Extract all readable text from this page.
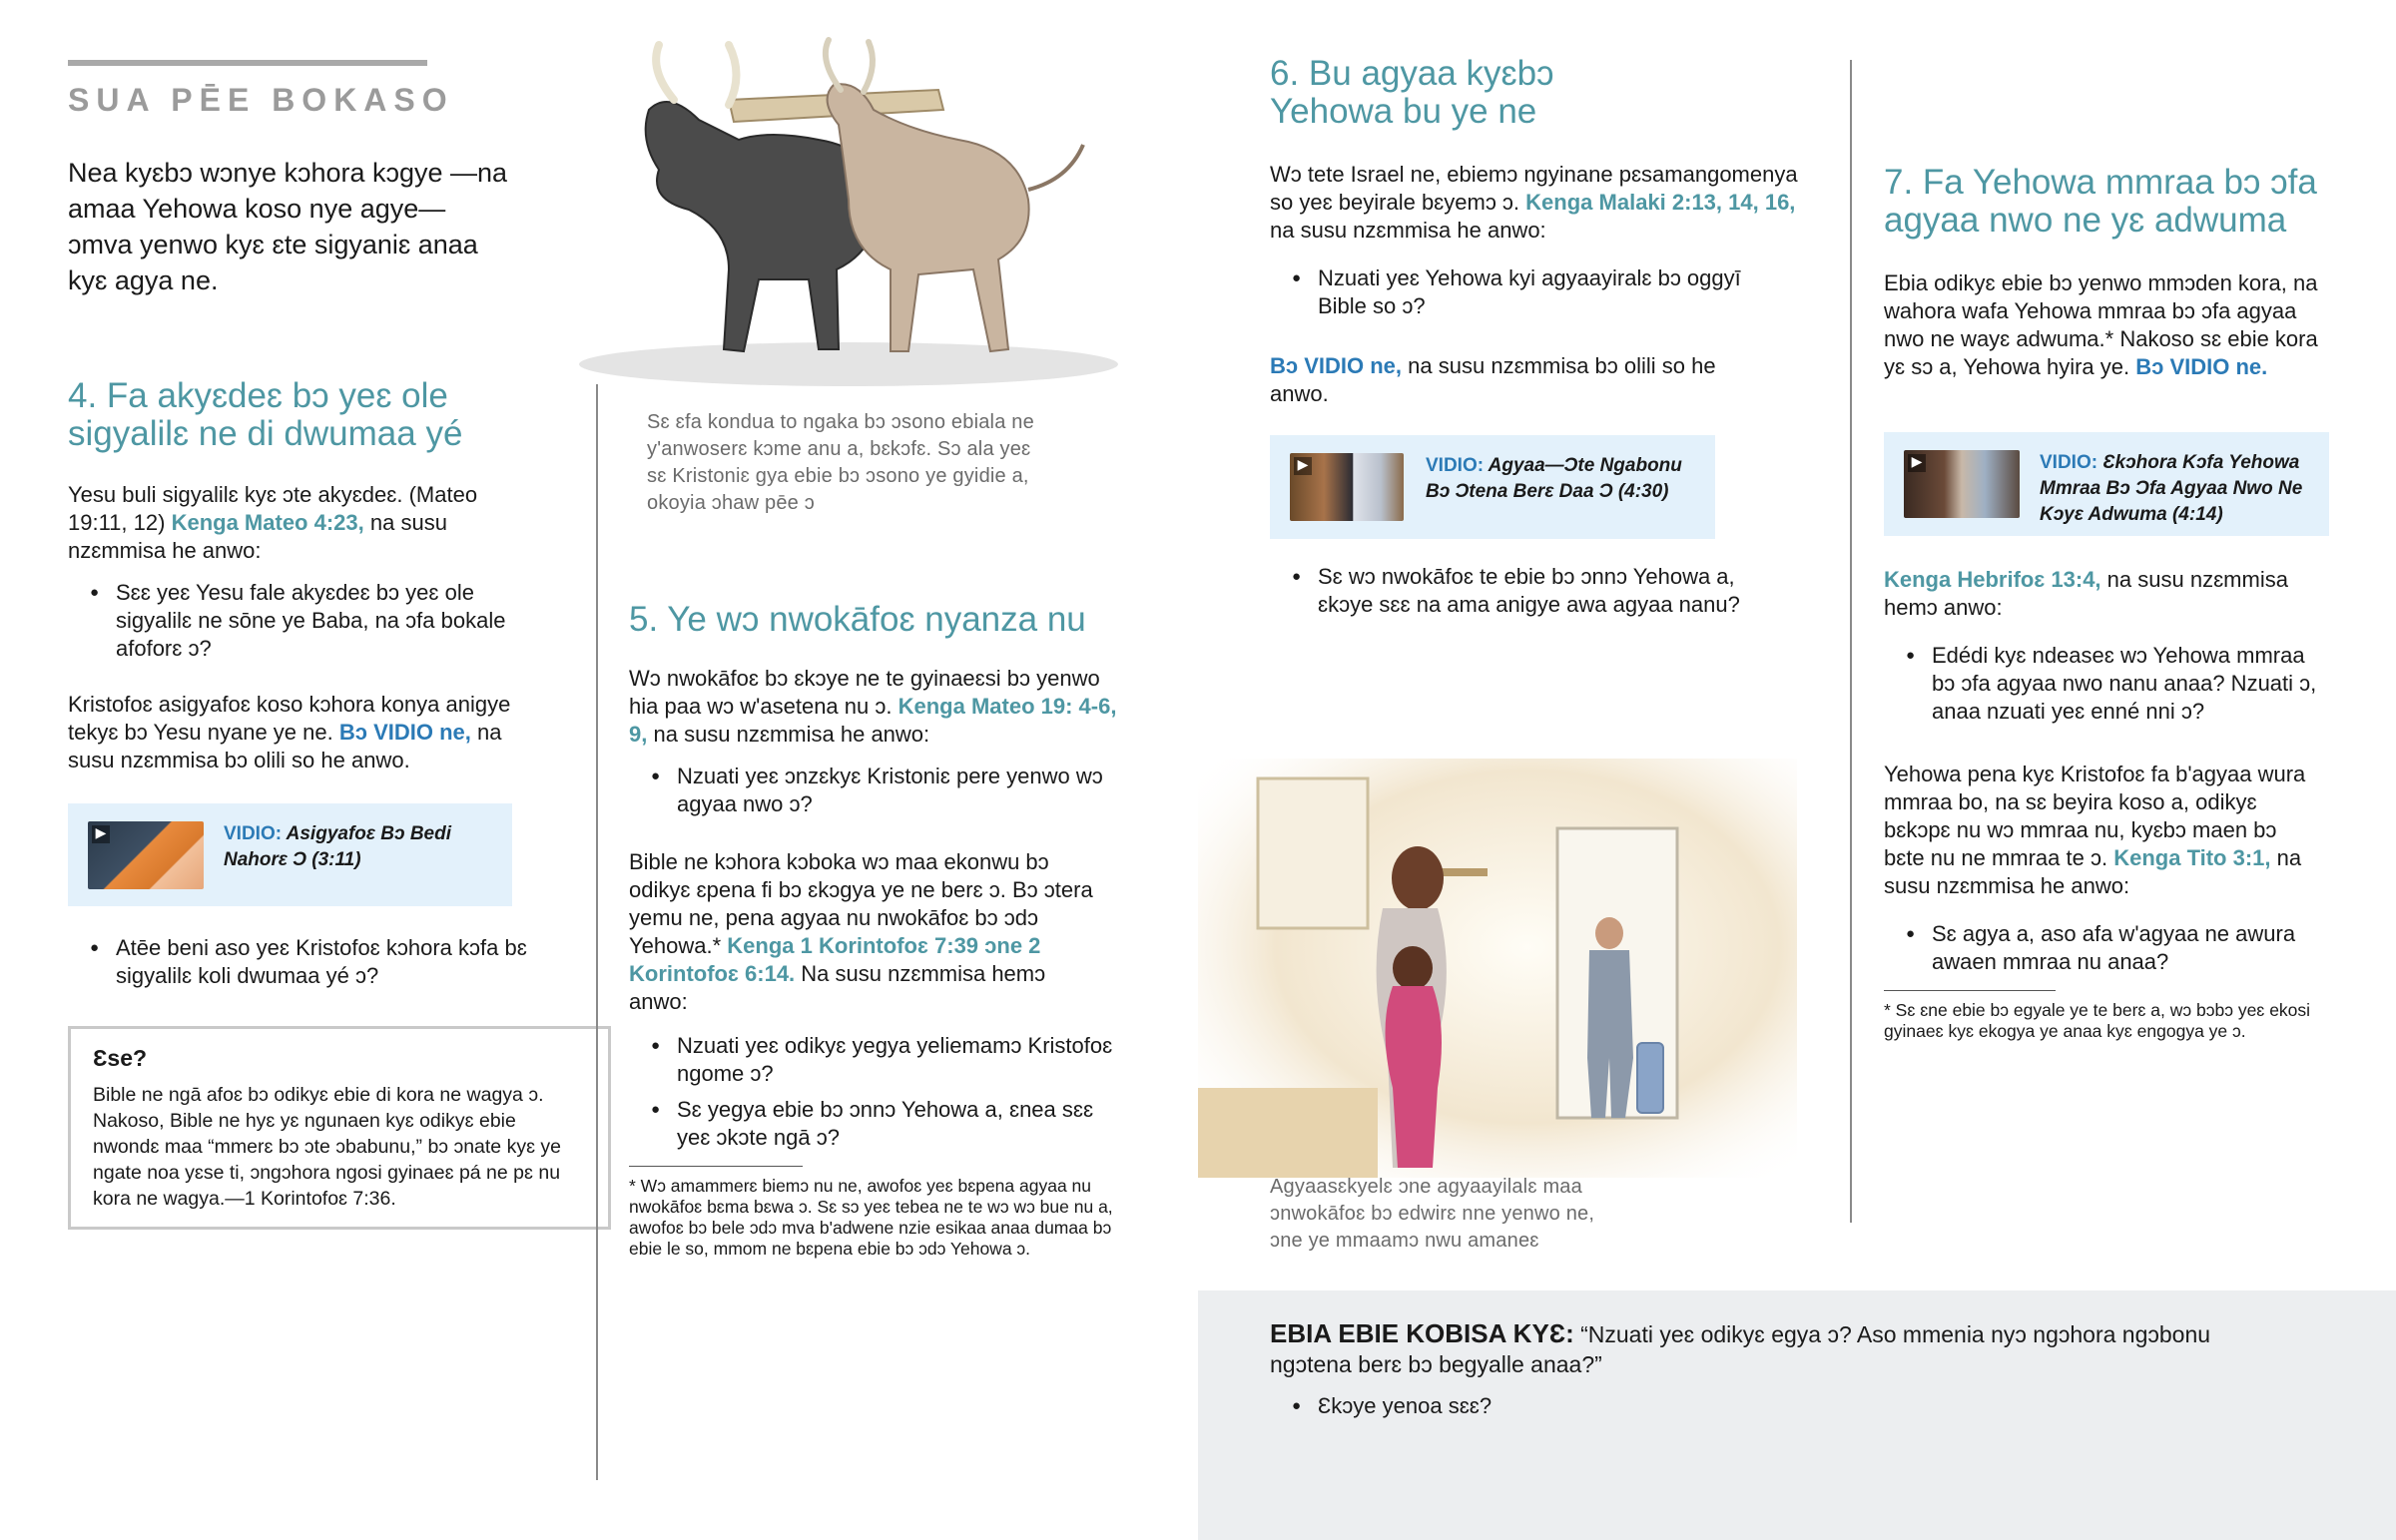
SUA PĒE BOKASO

Nea kyɛbɔ wɔnye kɔhora kɔgye —na amaa Yehowa koso nye agye— ɔmva yenwo kyɛ ɛte sigyaniɛ anaa kyɛ agya ne.

4. Fa akyɛdeɛ bɔ yeɛ ole sigyalilɛ ne di dwumaa yé

Yesu buli sigyalilɛ kyɛ ɔte akyɛdeɛ. (Mateo 19:11, 12) Kenga Mateo 4:23, na susu nzɛmmisa he anwo:

● Sɛɛ yeɛ Yesu fale akyɛdeɛ bɔ yeɛ ole sigyalilɛ ne sōne ye Baba, na ɔfa bokale afoforɛ ɔ?

Kristofoɛ asigyafoɛ koso kɔhora konya anigye tekyɛ bɔ Yesu nyane ye ne. Bɔ VIDIO ne, na susu nzɛmmisa bɔ olili so he anwo.

▶	VIDIO: Asigyafoɛ Bɔ Bedi Nahorɛ Ɔ (3:11)
● Atēe beni aso yeɛ Kristofoɛ kɔhora kɔfa bɛ sigyalilɛ koli dwumaa yé ɔ?
Ɛse?
Bible ne ngā afoɛ bɔ odikyɛ ebie di kora ne wagya ɔ. Nakoso, Bible ne hyɛ yɛ ngunaen kyɛ odikyɛ ebie nwondɛ maa “mmerɛ bɔ ɔte ɔbabunu,” bɔ ɔnate kyɛ ye ngate noa yɛse ti, ɔngɔhora ngosi gyinaeɛ pá ne pɛ nu kora ne wagya.—1 Korintofoɛ 7:36.
Sɛ ɛfa kondua to ngaka bɔ ɔsono ebiala ne y'anwoserɛ kɔme anu a, bɛkɔfɛ. Sɔ ala yeɛ sɛ Kristoniɛ gya ebie bɔ ɔsono ye gyidie a, okoyia ɔhaw pēe ɔ
5. Ye wɔ nwokāfoɛ nyanza nu

Wɔ nwokāfoɛ bɔ ɛkɔye ne te gyinaeɛsi bɔ yenwo hia paa wɔ w'asetena nu ɔ. Kenga Mateo 19: 4-6, 9, na susu nzɛmmisa he anwo:

● Nzuati yeɛ ɔnzɛkyɛ Kristoniɛ pere yenwo wɔ agyaa nwo ɔ?

Bible ne kɔhora kɔboka wɔ maa ekonwu bɔ odikyɛ ɛpena fi bɔ ɛkɔgya ye ne berɛ ɔ. Bɔ ɔtera yemu ne, pena agyaa nu nwokāfoɛ bɔ ɔdɔ Yehowa.* Kenga 1 Korintofoɛ 7:39 ɔne 2 Korintofoɛ 6:14. Na susu nzɛmmisa hemɔ anwo:

● Nzuati yeɛ odikyɛ yegya yeliemamɔ Kristofoɛ ngome ɔ?
● Sɛ yegya ebie bɔ ɔnnɔ Yehowa a, ɛnea sɛɛ yeɛ ɔkɔte ngā ɔ?
* Wɔ amammerɛ biemɔ nu ne, awofoɛ yeɛ bɛpena agyaa nu nwokāfoɛ bɛma bɛwa ɔ. Sɛ sɔ yeɛ tebea ne te wɔ wɔ bue nu a, awofoɛ bɔ bele ɔdɔ mva b'adwene nzie esikaa anaa dumaa bɔ ebie le so, mmom ne bɛpena ebie bɔ ɔdɔ Yehowa ɔ.
6. Bu agyaa kyɛbɔ Yehowa bu ye ne

Wɔ tete Israel ne, ebiemɔ ngyinane pɛsamangomenya so yeɛ beyirale bɛyemɔ ɔ. Kenga Malaki 2:13, 14, 16, na susu nzɛmmisa he anwo:

● Nzuati yeɛ Yehowa kyi agyaayiralɛ bɔ oggyī Bible so ɔ?

Bɔ VIDIO ne, na susu nzɛmmisa bɔ olili so he anwo.

▶	VIDIO: Agyaa—Ɔte Ngabonu Bɔ Ɔtena Berɛ Daa Ɔ (4:30)
● Sɛ wɔ nwokāfoɛ te ebie bɔ ɔnnɔ Yehowa a, ɛkɔye sɛɛ na ama anigye awa agyaa nanu?
Agyaasɛkyelɛ ɔne agyaayilalɛ maa ɔnwokāfoɛ bɔ edwirɛ nne yenwo ne, ɔne ye mmaamɔ nwu amaneɛ
7. Fa Yehowa mmraa bɔ ɔfa agyaa nwo ne yɛ adwuma

Ebia odikyɛ ebie bɔ yenwo mmɔden kora, na wahora wafa Yehowa mmraa bɔ ɔfa agyaa nwo ne wayɛ adwuma.* Nakoso sɛ ebie kora yɛ sɔ a, Yehowa hyira ye. Bɔ VIDIO ne.

▶	VIDIO: Ɛkɔhora Kɔfa Yehowa Mmraa Bɔ Ɔfa Agyaa Nwo Ne Kɔyɛ Adwuma (4:14)

Kenga Hebrifoɛ 13:4, na susu nzɛmmisa hemɔ anwo:

● Edédi kyɛ ndeaseɛ wɔ Yehowa mmraa bɔ ɔfa agyaa nwo nanu anaa? Nzuati ɔ, anaa nzuati yeɛ enné nni ɔ?

Yehowa pena kyɛ Kristofoɛ fa b'agyaa wura mmraa bo, na sɛ beyira koso a, odikyɛ bɛkɔpɛ nu wɔ mmraa nu, kyɛbɔ maen bɔ bɛte nu ne mmraa te ɔ. Kenga Tito 3:1, na susu nzɛmmisa he anwo:

● Sɛ agya a, aso afa w'agyaa ne awura awaen mmraa nu anaa?
* Sɛ ɛne ebie bɔ egyale ye te berɛ a, wɔ bɔbɔ yeɛ ekosi gyinaeɛ kyɛ ekogya ye anaa kyɛ engogya ye ɔ.

EBIA EBIE KOBISA KYƐ: “Nzuati yeɛ odikyɛ egya ɔ? Aso mmenia nyɔ ngɔhora ngɔbonu ngɔtena berɛ bɔ begyalle anaa?”

● Ɛkɔye yenoa sɛɛ?
